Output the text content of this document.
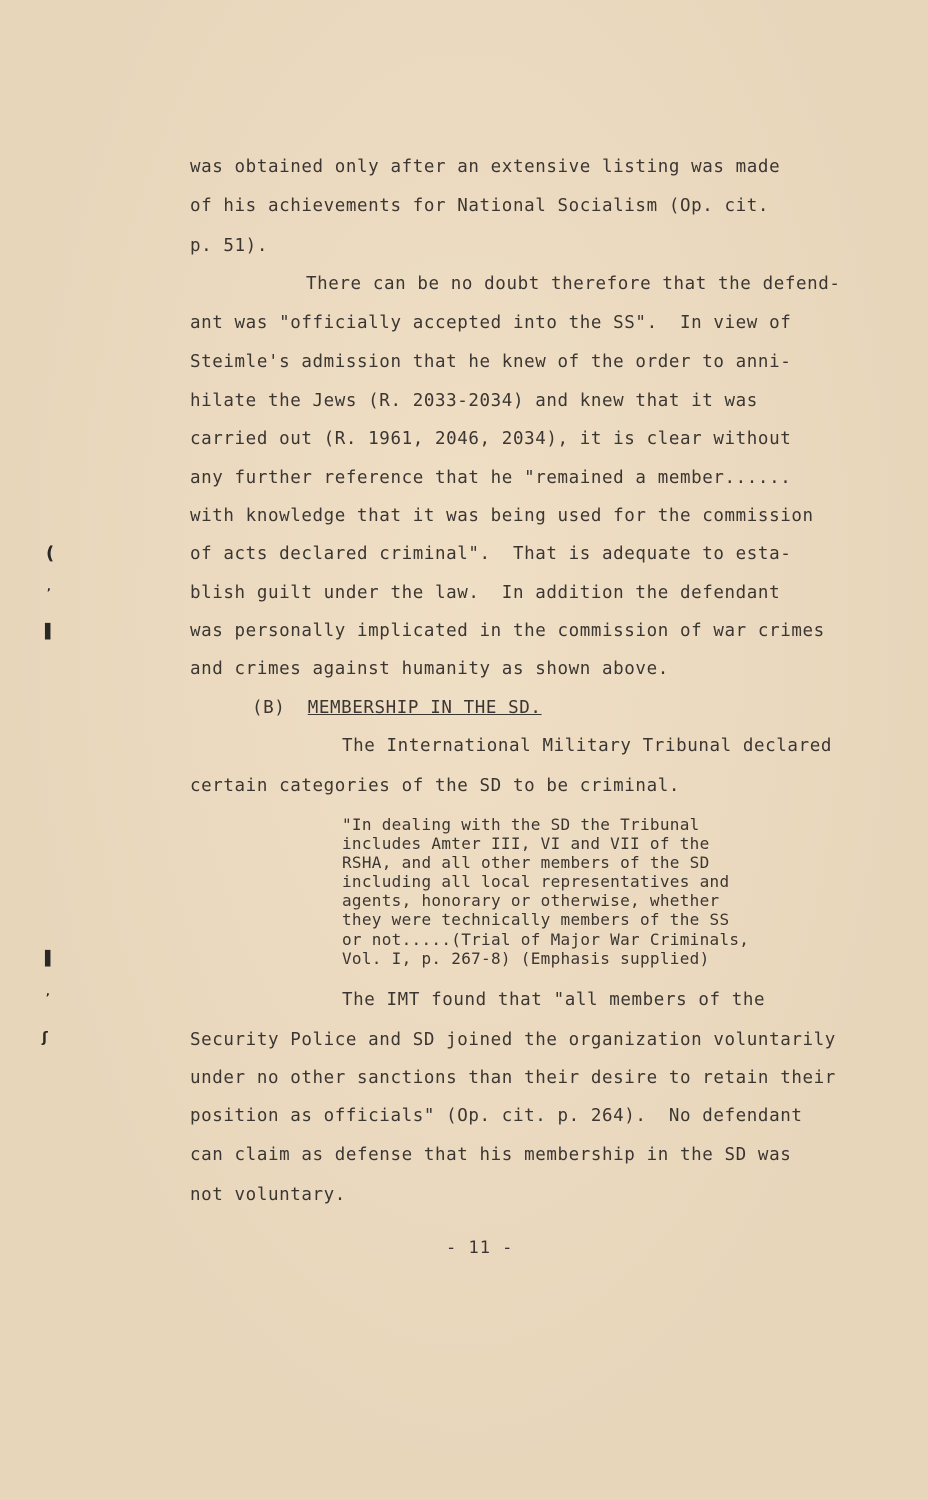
was obtained only after an extensive listing was made
of his achievements for National Socialism (Op. cit.
p. 51).
There can be no doubt therefore that the defend-
ant was "officially accepted into the SS".  In view of
Steimle's admission that he knew of the order to anni-
hilate the Jews (R. 2033-2034) and knew that it was
carried out (R. 1961, 2046, 2034), it is clear without
any further reference that he "remained a member......
with knowledge that it was being used for the commission
of acts declared criminal".  That is adequate to esta-
blish guilt under the law.  In addition the defendant
was personally implicated in the commission of war crimes
and crimes against humanity as shown above.
(B) MEMBERSHIP IN THE SD.
The International Military Tribunal declared
certain categories of the SD to be criminal.
"In dealing with the SD the Tribunal
includes Amter III, VI and VII of the
RSHA, and all other members of the SD
including all local representatives and
agents, honorary or otherwise, whether
they were technically members of the SS
or not.....(Trial of Major War Criminals,
Vol. I, p. 267-8) (Emphasis supplied)
The IMT found that "all members of the
Security Police and SD joined the organization voluntarily
under no other sanctions than their desire to retain their
position as officials" (Op. cit. p. 264).  No defendant
can claim as defense that his membership in the SD was
not voluntary.
- 11 -
(
,
▌
▌
,
ʃ
